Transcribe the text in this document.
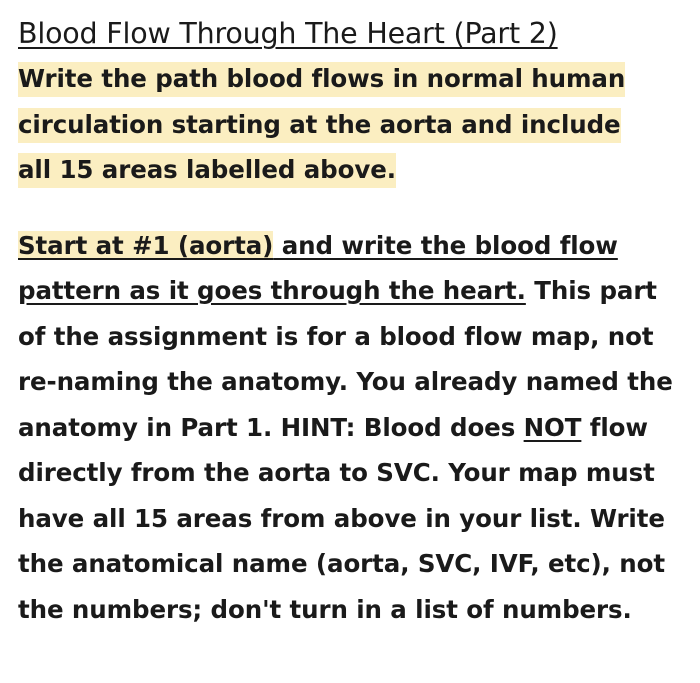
Blood Flow Through The Heart (Part 2)

Write the path blood flows in normal human
circulation starting at the aorta and include
all 15 areas labelled above.

Start at #1 (aorta) and write the blood flow
pattern as it goes through the heart. This part of the assignment is for a blood flow map, not re-naming the anatomy. You already named the anatomy in Part 1. HINT: Blood does NOT flow directly from the aorta to SVC. Your map must have all 15 areas from above in your list. Write the anatomical name (aorta, SVC, IVF, etc), not the numbers; don't turn in a list of numbers.
